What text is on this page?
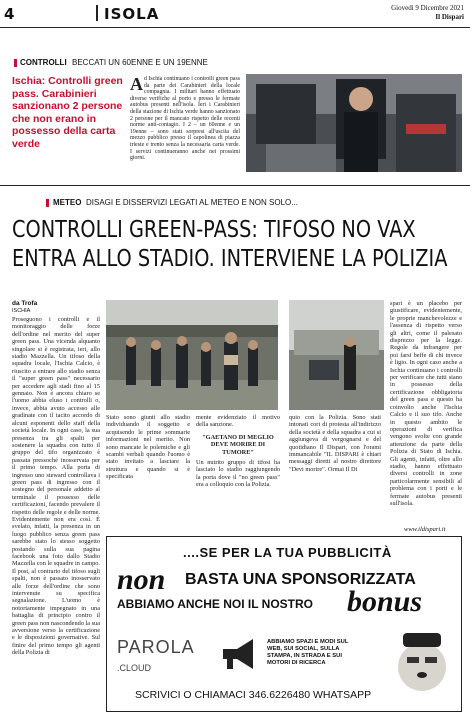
4	ISOLA	Giovedì 9 Dicembre 2021
Il Dispari
CONTROLLI BECCATI UN 60ENNE E UN 19ENNE
Ischia: Controlli green pass. Carabinieri sanzionano 2 persone che non erano in possesso della carta verde
A d Ischia continuano i controlli green pass da parte dei Carabinieri della locale compagnia. I militari hanno effettuato diverse verifiche al porto e presso le fermate autobus presenti nell'isola. Ieri i Carabinieri della stazione di Ischia verde hanno sanzionato 2 persone per il mancato rispetto delle recenti norme anti-contagio. I 2 – un 60enne e un 19enne – sono stati sorpresi all'uscita del mezzo pubblico presso il capolinea di piazza trieste e trento senza la necessaria carta verde. I servizi continueranno anche nei prossimi giorni.
METEO DISAGI E DISSERVIZI LEGATI AL METEO E NON SOLO...
CONTROLLI GREEN-PASS: TIFOSO NO VAX
ENTRA ALLO STADIO. INTERVIENE LA POLIZIA
da Trofa
ISCHIA
Proseguono i controlli e il monitoraggio delle forze dell'ordine nel merito del super green pass. Una vicenda alquanto singolare si è registrata, ieri, allo stadio Mazzella. Un tifoso della squadra locale, l'Ischia Calcio, è riuscito a entrare allo stadio senza il "super green pass" necessario per accedere agli stadi fino al 15 gennaio. Non è ancora chiaro se l'uomo abbia eluso i controlli o, invece, abbia avuto accesso alle gradinate con il tacito accordo di alcuni esponenti dello staff della società locale. In ogni caso, la sua presenza tra gli spalti per sostenere la squadra con tutto il gruppo del tifo organizzato è passata pressoché inosservata per il primo tempo. Alla porta di ingresso uno steward controllava i green pass di ingresso con il sostegno del personale addetto al terminale il possesso delle certificazioni, facendo prevalere il rispetto delle regole e delle norme. Evidentemente non era così. È svelato, infatti, la presenza in un luogo pubblico senza green pass sarebbe stato lo stesso soggetto postando sulla sua pagina facebook una foto dallo Stadio Mazzella con le squadre in campo. Il post, al contrario del tifoso sugli spalti, non è passato inosservato alle forze dell'ordine che sono intervenute su specifica segnalazione. L'uomo è notoriamente impegnato in una battaglia di principio contro il green pass non nascondendo la sua avversione verso la certificazione e le disposizioni governative. Sul finire del primo tempo gli agenti della Polizia di
Stato sono giunti allo stadio individuando il soggetto e acquisendo le prime sommarie informazioni nel merito. Non sono mancate le polemiche e gli scambi verbali quando l'uomo è stato invitato a lasciare la struttura e quando si è specificata
mente evidenziato il motivo della sanzione.
"GAETANO DI MEGLIO DEVE MORIRE DI TUMORE"
Un nutrito gruppo di tifosi ha lasciato lo stadio raggiungendo la porta dove il "no green pass" era a colloquio con la Polizia.
quio con la Polizia. Sono stati intonati cori di protesta all'indirizzo della società e della squadra a cui si aggiungeva di vergognarsi e del quotidiano Il Dispari, con l'orami immancabile "IL DISPARI è chiari messaggi diretti al nostro direttore "Devi morire". Ormai Il Di
spari è un placebo per giustificare, evidentemente, le proprie manchevolezze e l'assenza di rispetto verso gli altri, come il palesato disprezzo per la legge. Regole da infrangere per poi farsi beffe di chi invece è ligio. In ogni caso anche a Ischia continuano i controlli per verificare che tutti siano in possesso della certificazione obbligatoria del green pass e questo ha coinvolto anche l'Ischia Calcio e il suo tifo. Anche in questo ambito le operazioni di verifica vengono svolte con grande attenzione da parte della Polizia di Stato di Ischia. Gli agenti, infatti, oltre allo stadio, hanno effettuato diversi controlli in zone particolarmente sensibili al problema con i porti e le fermate autobus presenti sull'isola.
www.ildispari.it
....SE PER LA TUA PUBBLICITÀ
non BASTA UNA SPONSORIZZATA
ABBIAMO ANCHE NOI IL NOSTRO bonus
PAROLA
.CLOUD
ABBIAMO SPAZI E MODI SUL WEB, SUI SOCIAL, SULLA STAMPA, IN STRADA E SUI MOTORI DI RICERCA
SCRIVICI O CHIAMACI 346.6226480 WHATSAPP
